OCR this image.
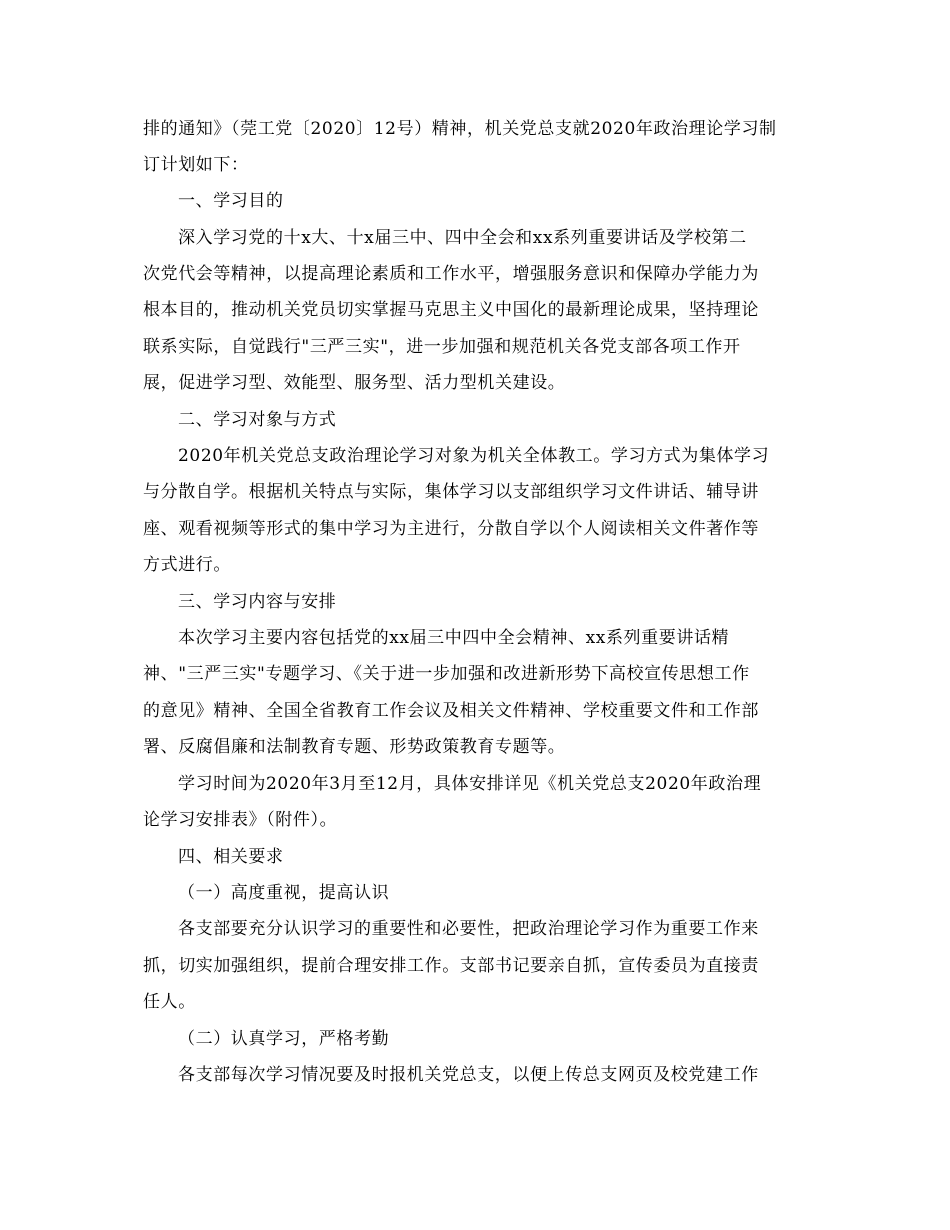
排的通知》（莞工党〔2020〕12号）精神，机关党总支就2020年政治理论学习制
订计划如下：
一、学习目的
深入学习党的十x大、十x届三中、四中全会和xx系列重要讲话及学校第二
次党代会等精神，以提高理论素质和工作水平，增强服务意识和保障办学能力为
根本目的，推动机关党员切实掌握马克思主义中国化的最新理论成果，坚持理论
联系实际，自觉践行"三严三实"，进一步加强和规范机关各党支部各项工作开
展，促进学习型、效能型、服务型、活力型机关建设。
二、学习对象与方式
2020年机关党总支政治理论学习对象为机关全体教工。学习方式为集体学习
与分散自学。根据机关特点与实际，集体学习以支部组织学习文件讲话、辅导讲
座、观看视频等形式的集中学习为主进行，分散自学以个人阅读相关文件著作等
方式进行。
三、学习内容与安排
本次学习主要内容包括党的xx届三中四中全会精神、xx系列重要讲话精
神、"三严三实"专题学习、《关于进一步加强和改进新形势下高校宣传思想工作
的意见》精神、全国全省教育工作会议及相关文件精神、学校重要文件和工作部
署、反腐倡廉和法制教育专题、形势政策教育专题等。
学习时间为2020年3月至12月，具体安排详见《机关党总支2020年政治理
论学习安排表》（附件）。
四、相关要求
（一）高度重视，提高认识
各支部要充分认识学习的重要性和必要性，把政治理论学习作为重要工作来
抓，切实加强组织，提前合理安排工作。支部书记要亲自抓，宣传委员为直接责
任人。
（二）认真学习，严格考勤
各支部每次学习情况要及时报机关党总支，以便上传总支网页及校党建工作
